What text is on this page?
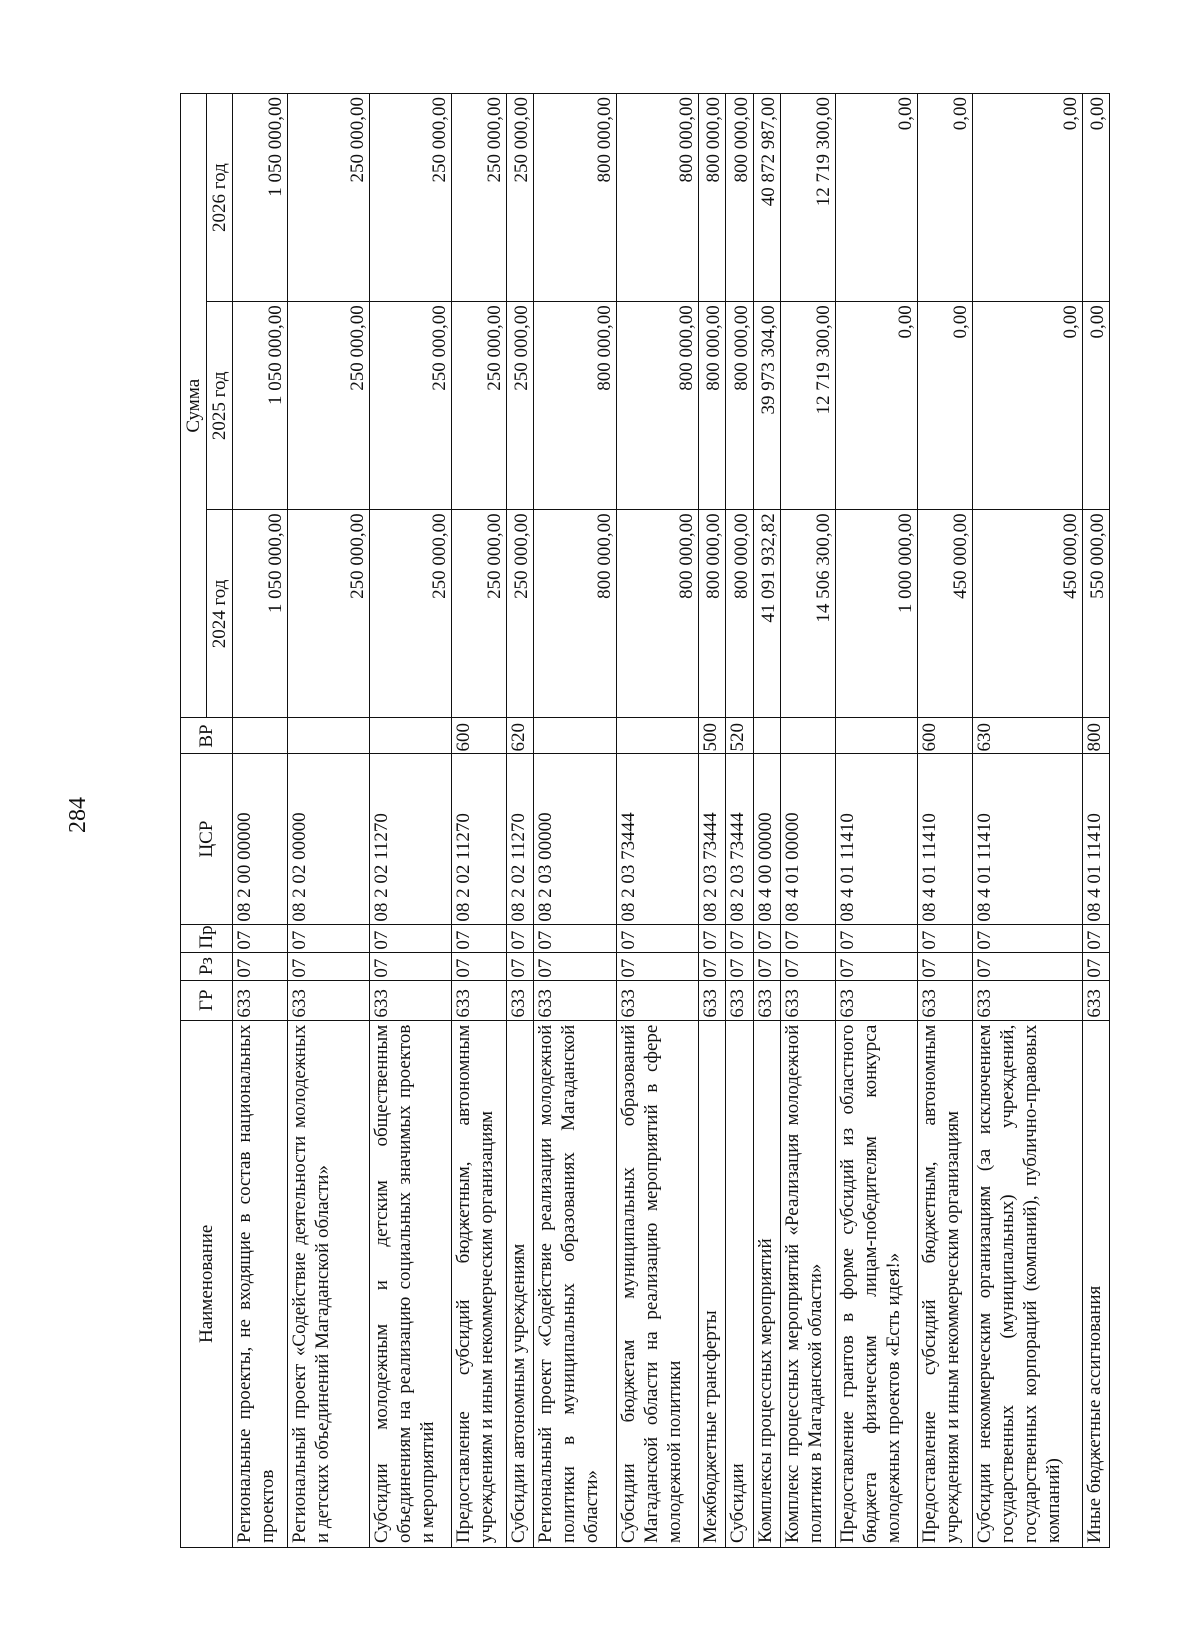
284
Наименование	ГР	Рз	Пр	ЦСР	ВР	Сумма		
						2024 год	2025 год	2026 год
Региональные проекты, не входящие в состав национальных проектов	633	07	07	08 2 00 00000		1 050 000,00	1 050 000,00	1 050 000,00
Региональный проект «Содействие деятельности молодежных и детских объединений Магаданской области»	633	07	07	08 2 02 00000		250 000,00	250 000,00	250 000,00
Субсидии молодежным и детским общественным объединениям на реализацию социальных значимых проектов и мероприятий	633	07	07	08 2 02 11270		250 000,00	250 000,00	250 000,00
Предоставление субсидий бюджетным, автономным учреждениям и иным некоммерческим организациям	633	07	07	08 2 02 11270	600	250 000,00	250 000,00	250 000,00
Субсидии автономным учреждениям	633	07	07	08 2 02 11270	620	250 000,00	250 000,00	250 000,00
Региональный проект «Содействие реализации молодежной политики в муниципальных образованиях Магаданской области»	633	07	07	08 2 03 00000		800 000,00	800 000,00	800 000,00
Субсидии бюджетам муниципальных образований Магаданской области на реализацию мероприятий в сфере молодежной политики	633	07	07	08 2 03 73444		800 000,00	800 000,00	800 000,00
Межбюджетные трансферты	633	07	07	08 2 03 73444	500	800 000,00	800 000,00	800 000,00
Субсидии	633	07	07	08 2 03 73444	520	800 000,00	800 000,00	800 000,00
Комплексы процессных мероприятий	633	07	07	08 4 00 00000		41 091 932,82	39 973 304,00	40 872 987,00
Комплекс процессных мероприятий «Реализация молодежной политики в Магаданской области»	633	07	07	08 4 01 00000		14 506 300,00	12 719 300,00	12 719 300,00
Предоставление грантов в форме субсидий из областного бюджета физическим лицам-победителям конкурса молодежных проектов «Есть идея!»	633	07	07	08 4 01 11410		1 000 000,00	0,00	0,00
Предоставление субсидий бюджетным, автономным учреждениям и иным некоммерческим организациям	633	07	07	08 4 01 11410	600	450 000,00	0,00	0,00
Субсидии некоммерческим организациям (за исключением государственных (муниципальных) учреждений, государственных корпораций (компаний), публично-правовых компаний)	633	07	07	08 4 01 11410	630	450 000,00	0,00	0,00
Иные бюджетные ассигнования	633	07	07	08 4 01 11410	800	550 000,00	0,00	0,00
